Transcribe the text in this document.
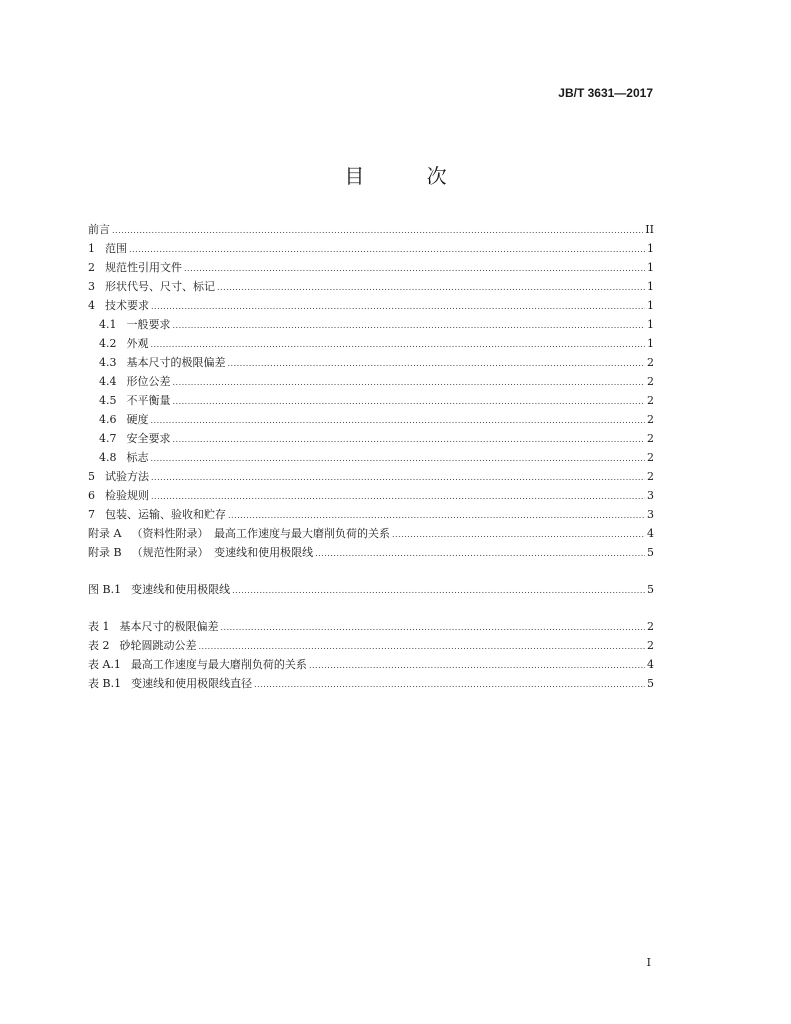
JB/T 3631—2017
目 次
前言 .....	II
1 范围 .....	1
2 规范性引用文件 .....	1
3 形状代号、尺寸、标记 .....	1
4 技术要求 .....	1
4.1 一般要求 .....	1
4.2 外观 .....	1
4.3 基本尺寸的极限偏差 .....	2
4.4 形位公差 .....	2
4.5 不平衡量 .....	2
4.6 硬度 .....	2
4.7 安全要求 .....	2
4.8 标志 .....	2
5 试验方法 .....	2
6 检验规则 .....	3
7 包装、运输、验收和贮存 .....	3
附录 A （资料性附录）　最高工作速度与最大磨削负荷的关系 .....	4
附录 B （规范性附录）　变速线和使用极限线 .....	5
图 B.1 变速线和使用极限线 .....	5
表 1 基本尺寸的极限偏差 .....	2
表 2 砂轮圆跳动公差 .....	2
表 A.1 最高工作速度与最大磨削负荷的关系 .....	4
表 B.1 变速线和使用极限线直径 .....	5
I
